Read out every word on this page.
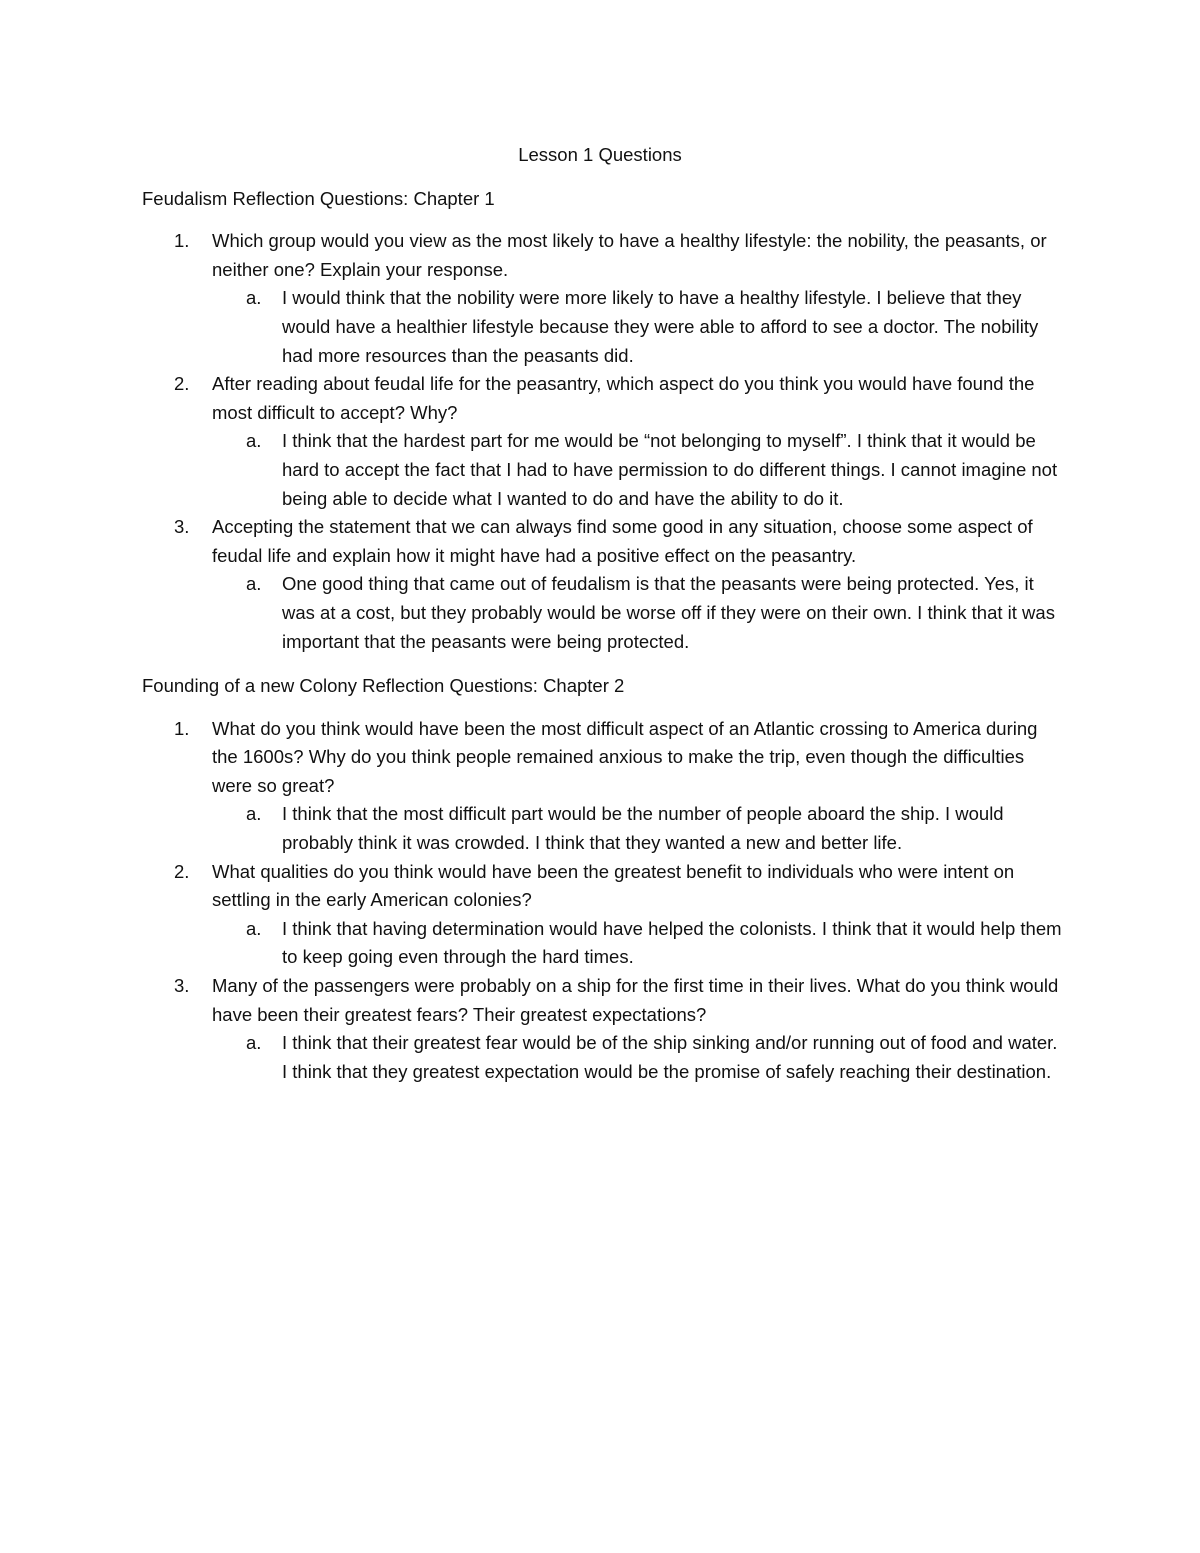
Lesson 1 Questions
Feudalism Reflection Questions: Chapter 1
1. Which group would you view as the most likely to have a healthy lifestyle: the nobility, the peasants, or neither one? Explain your response.
a. I would think that the nobility were more likely to have a healthy lifestyle. I believe that they would have a healthier lifestyle because they were able to afford to see a doctor. The nobility had more resources than the peasants did.
2. After reading about feudal life for the peasantry, which aspect do you think you would have found the most difficult to accept? Why?
a. I think that the hardest part for me would be “not belonging to myself”. I think that it would be hard to accept the fact that I had to have permission to do different things. I cannot imagine not being able to decide what I wanted to do and have the ability to do it.
3. Accepting the statement that we can always find some good in any situation, choose some aspect of feudal life and explain how it might have had a positive effect on the peasantry.
a. One good thing that came out of feudalism is that the peasants were being protected. Yes, it was at a cost, but they probably would be worse off if they were on their own. I think that it was important that the peasants were being protected.
Founding of a new Colony Reflection Questions: Chapter 2
1. What do you think would have been the most difficult aspect of an Atlantic crossing to America during the 1600s? Why do you think people remained anxious to make the trip, even though the difficulties were so great?
a. I think that the most difficult part would be the number of people aboard the ship. I would probably think it was crowded. I think that they wanted a new and better life.
2. What qualities do you think would have been the greatest benefit to individuals who were intent on settling in the early American colonies?
a. I think that having determination would have helped the colonists. I think that it would help them to keep going even through the hard times.
3. Many of the passengers were probably on a ship for the first time in their lives. What do you think would have been their greatest fears? Their greatest expectations?
a. I think that their greatest fear would be of the ship sinking and/or running out of food and water. I think that they greatest expectation would be the promise of safely reaching their destination.
